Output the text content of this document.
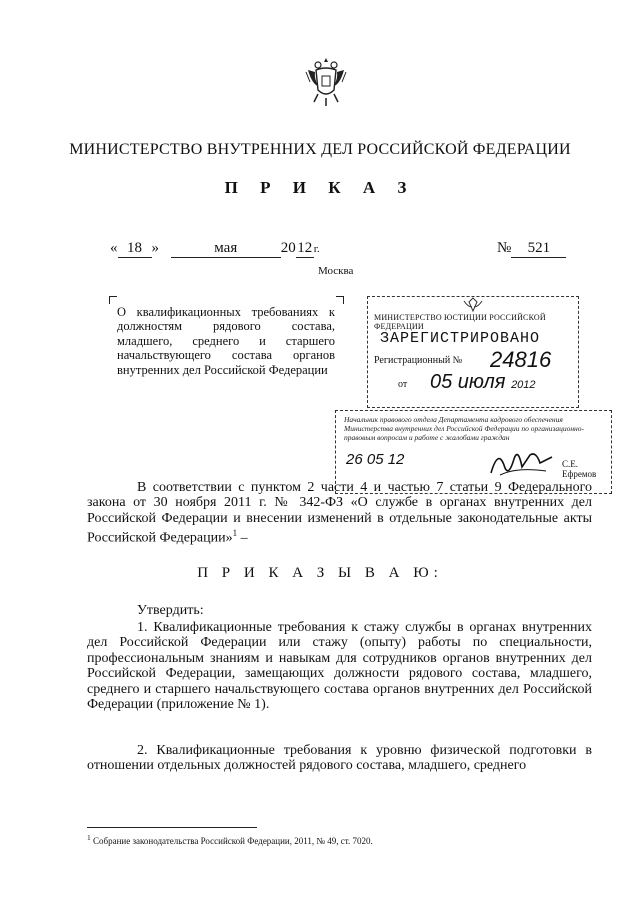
МИНИСТЕРСТВО ВНУТРЕННИХ ДЕЛ РОССИЙСКОЙ ФЕДЕРАЦИИ
П Р И К А З
« 18 »	мая	20 12 г.	№ 521
Москва
О квалификационных требованиях к должностям рядового состава, младшего, среднего и старшего начальствующего состава органов внутренних дел Российской Федерации
МИНИСТЕРСТВО ЮСТИЦИИ РОССИЙСКОЙ ФЕДЕРАЦИИ
ЗАРЕГИСТРИРОВАНО
Регистрационный № 24816
от 05 июля 2012
Начальник правового отдела Департамента кадрового обеспечения Министерства внутренних дел Российской Федерации по организационно-правовым вопросам и работе с жалобами граждан
26 05 12	С.Е. Ефремов
В соответствии с пунктом 2 части 4 и частью 7 статьи 9 Федерального закона от 30 ноября 2011 г. № 342-ФЗ «О службе в органах внутренних дел Российской Федерации и внесении изменений в отдельные законодательные акты Российской Федерации»$^1$ –
П Р И К А З Ы В А Ю:
Утвердить:
1. Квалификационные требования к стажу службы в органах внутренних дел Российской Федерации или стажу (опыту) работы по специальности, профессиональным знаниям и навыкам для сотрудников органов внутренних дел Российской Федерации, замещающих должности рядового состава, младшего, среднего и старшего начальствующего состава органов внутренних дел Российской Федерации (приложение № 1).
2. Квалификационные требования к уровню физической подготовки в отношении отдельных должностей рядового состава, младшего, среднего
$^1$ Собрание законодательства Российской Федерации, 2011, № 49, ст. 7020.
